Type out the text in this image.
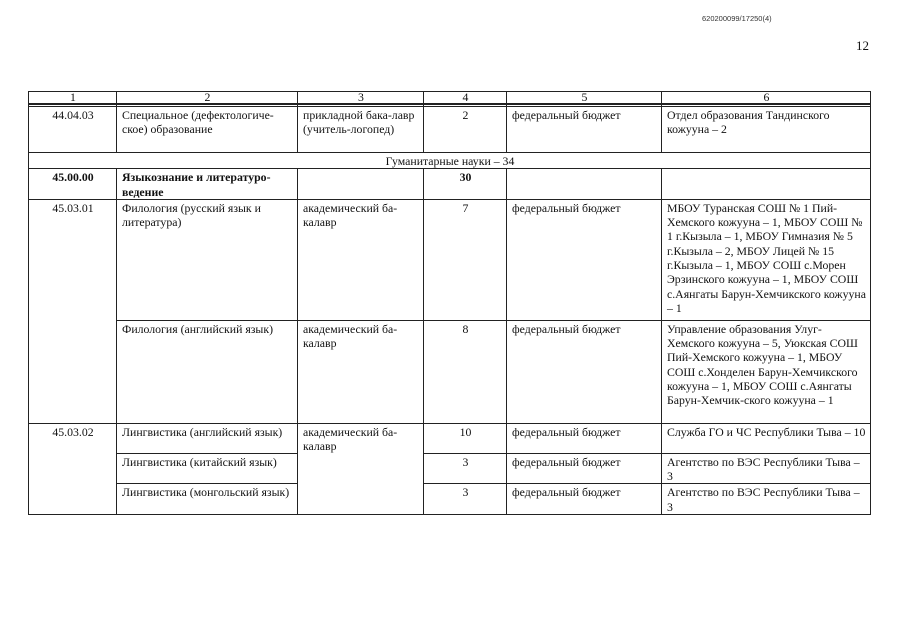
620200099/17250(4)
12
1	2	3	4	5	6

44.04.03	Специальное (дефектологиче-ское) образование	прикладной бака-лавр (учитель-логопед)	2	федеральный бюджет	Отдел образования Тандинского кожууна – 2
Гуманитарные науки – 34					
45.00.00	Языкознание и литературо-ведение		30		
45.03.01	Филология (русский язык и литература)	академический ба-калавр	7	федеральный бюджет	МБОУ Туранская СОШ № 1 Пий-Хемского кожууна – 1, МБОУ СОШ № 1 г.Кызыла – 1, МБОУ Гимназия № 5 г.Кызыла – 2, МБОУ Лицей № 15 г.Кызыла – 1, МБОУ СОШ с.Морен Эрзинского кожууна – 1, МБОУ СОШ с.Аянгаты Барун-Хемчикского кожууна – 1
	Филология (английский язык)	академический ба-калавр	8	федеральный бюджет	Управление образования Улуг-Хемского кожууна – 5, Уюкская СОШ Пий-Хемского кожууна – 1, МБОУ СОШ с.Хонделен Барун-Хемчикского кожууна – 1, МБОУ СОШ с.Аянгаты Барун-Хемчик-ского кожууна – 1
45.03.02	Лингвистика (английский язык)	академический ба-калавр	10	федеральный бюджет	Служба ГО и ЧС Республики Тыва – 10
	Лингвистика (китайский язык)		3	федеральный бюджет	Агентство по ВЭС Республики Тыва – 3
	Лингвистика (монгольский язык)		3	федеральный бюджет	Агентство по ВЭС Республики Тыва – 3
